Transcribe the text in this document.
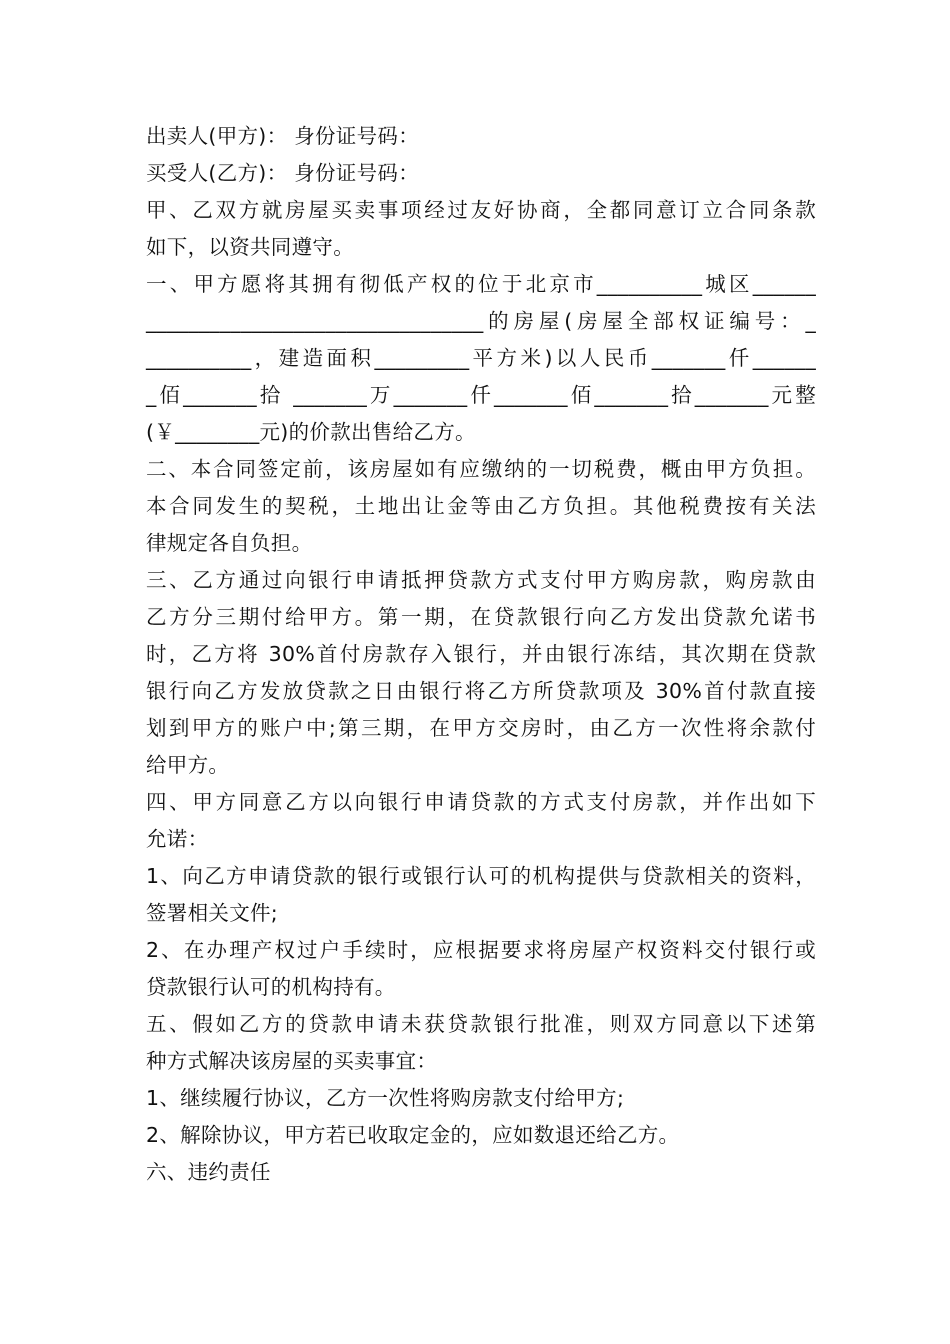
出卖人(甲方)： 身份证号码：
买受人(乙方)： 身份证号码：
甲、乙双方就房屋买卖事项经过友好协商，全都同意订立合同条款
如下，以资共同遵守。
一、甲方愿将其拥有彻低产权的位于北京市__________城区______
________________________________的房屋(房屋全部权证编号：_
__________，建造面积_________平方米)以人民币_______仟______
_佰_______拾 _______万_______仟_______佰_______拾_______元整
(￥________元)的价款出售给乙方。
二、本合同签定前，该房屋如有应缴纳的一切税费，概由甲方负担。
本合同发生的契税，土地出让金等由乙方负担。其他税费按有关法
律规定各自负担。
三、乙方通过向银行申请抵押贷款方式支付甲方购房款，购房款由
乙方分三期付给甲方。第一期，在贷款银行向乙方发出贷款允诺书
时，乙方将 30%首付房款存入银行，并由银行冻结，其次期在贷款
银行向乙方发放贷款之日由银行将乙方所贷款项及 30%首付款直接
划到甲方的账户中;第三期，在甲方交房时，由乙方一次性将余款付
给甲方。
四、甲方同意乙方以向银行申请贷款的方式支付房款，并作出如下
允诺：
1、向乙方申请贷款的银行或银行认可的机构提供与贷款相关的资料，
签署相关文件;
2、在办理产权过户手续时，应根据要求将房屋产权资料交付银行或
贷款银行认可的机构持有。
五、假如乙方的贷款申请未获贷款银行批准，则双方同意以下述第
种方式解决该房屋的买卖事宜：
1、继续履行协议，乙方一次性将购房款支付给甲方;
2、解除协议，甲方若已收取定金的，应如数退还给乙方。
六、违约责任
